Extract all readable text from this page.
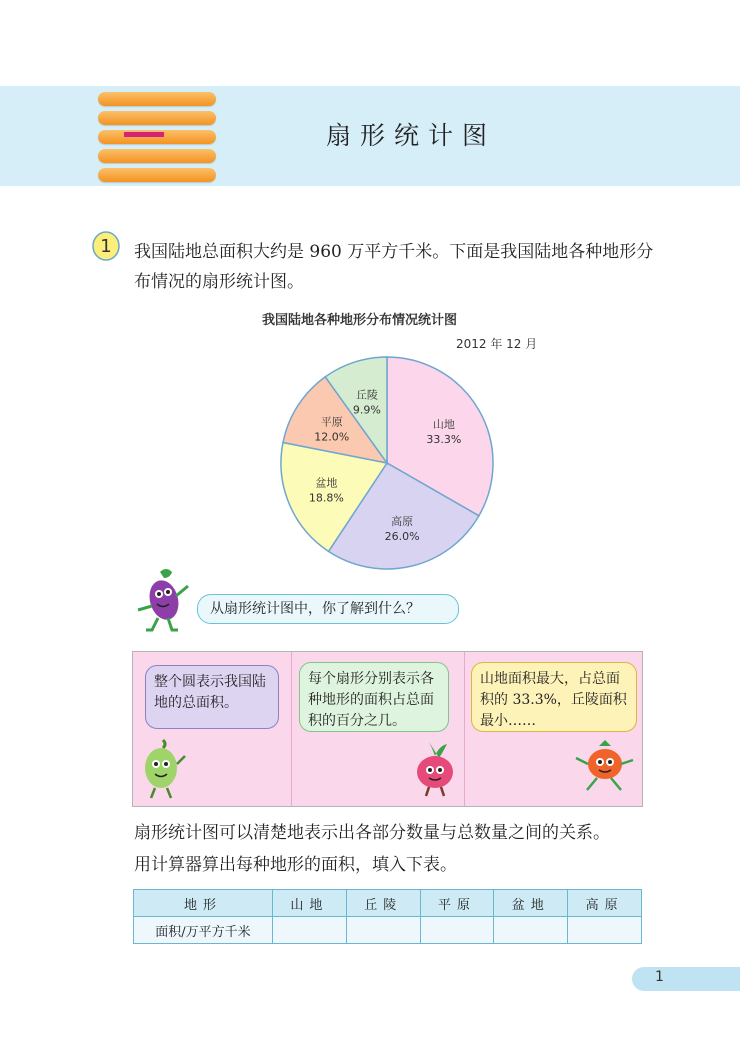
扇形统计图
1 我国陆地总面积大约是 960 万平方千米。下面是我国陆地各种地形分布情况的扇形统计图。
我国陆地各种地形分布情况统计图
2012 年 12 月
山地
33.3%
高原
26.0%
盆地
18.8%
平原
12.0%
丘陵
9.9%
从扇形统计图中，你了解到什么？
整个圆表示我国陆地的总面积。
每个扇形分别表示各种地形的面积占总面积的百分之几。
山地面积最大，占总面积的 33.3%，丘陵面积最小……
扇形统计图可以清楚地表示出各部分数量与总数量之间的关系。
用计算器算出每种地形的面积，填入下表。
地形	山地	丘陵	平原	盆地	高原
面积/万平方千米					
1
